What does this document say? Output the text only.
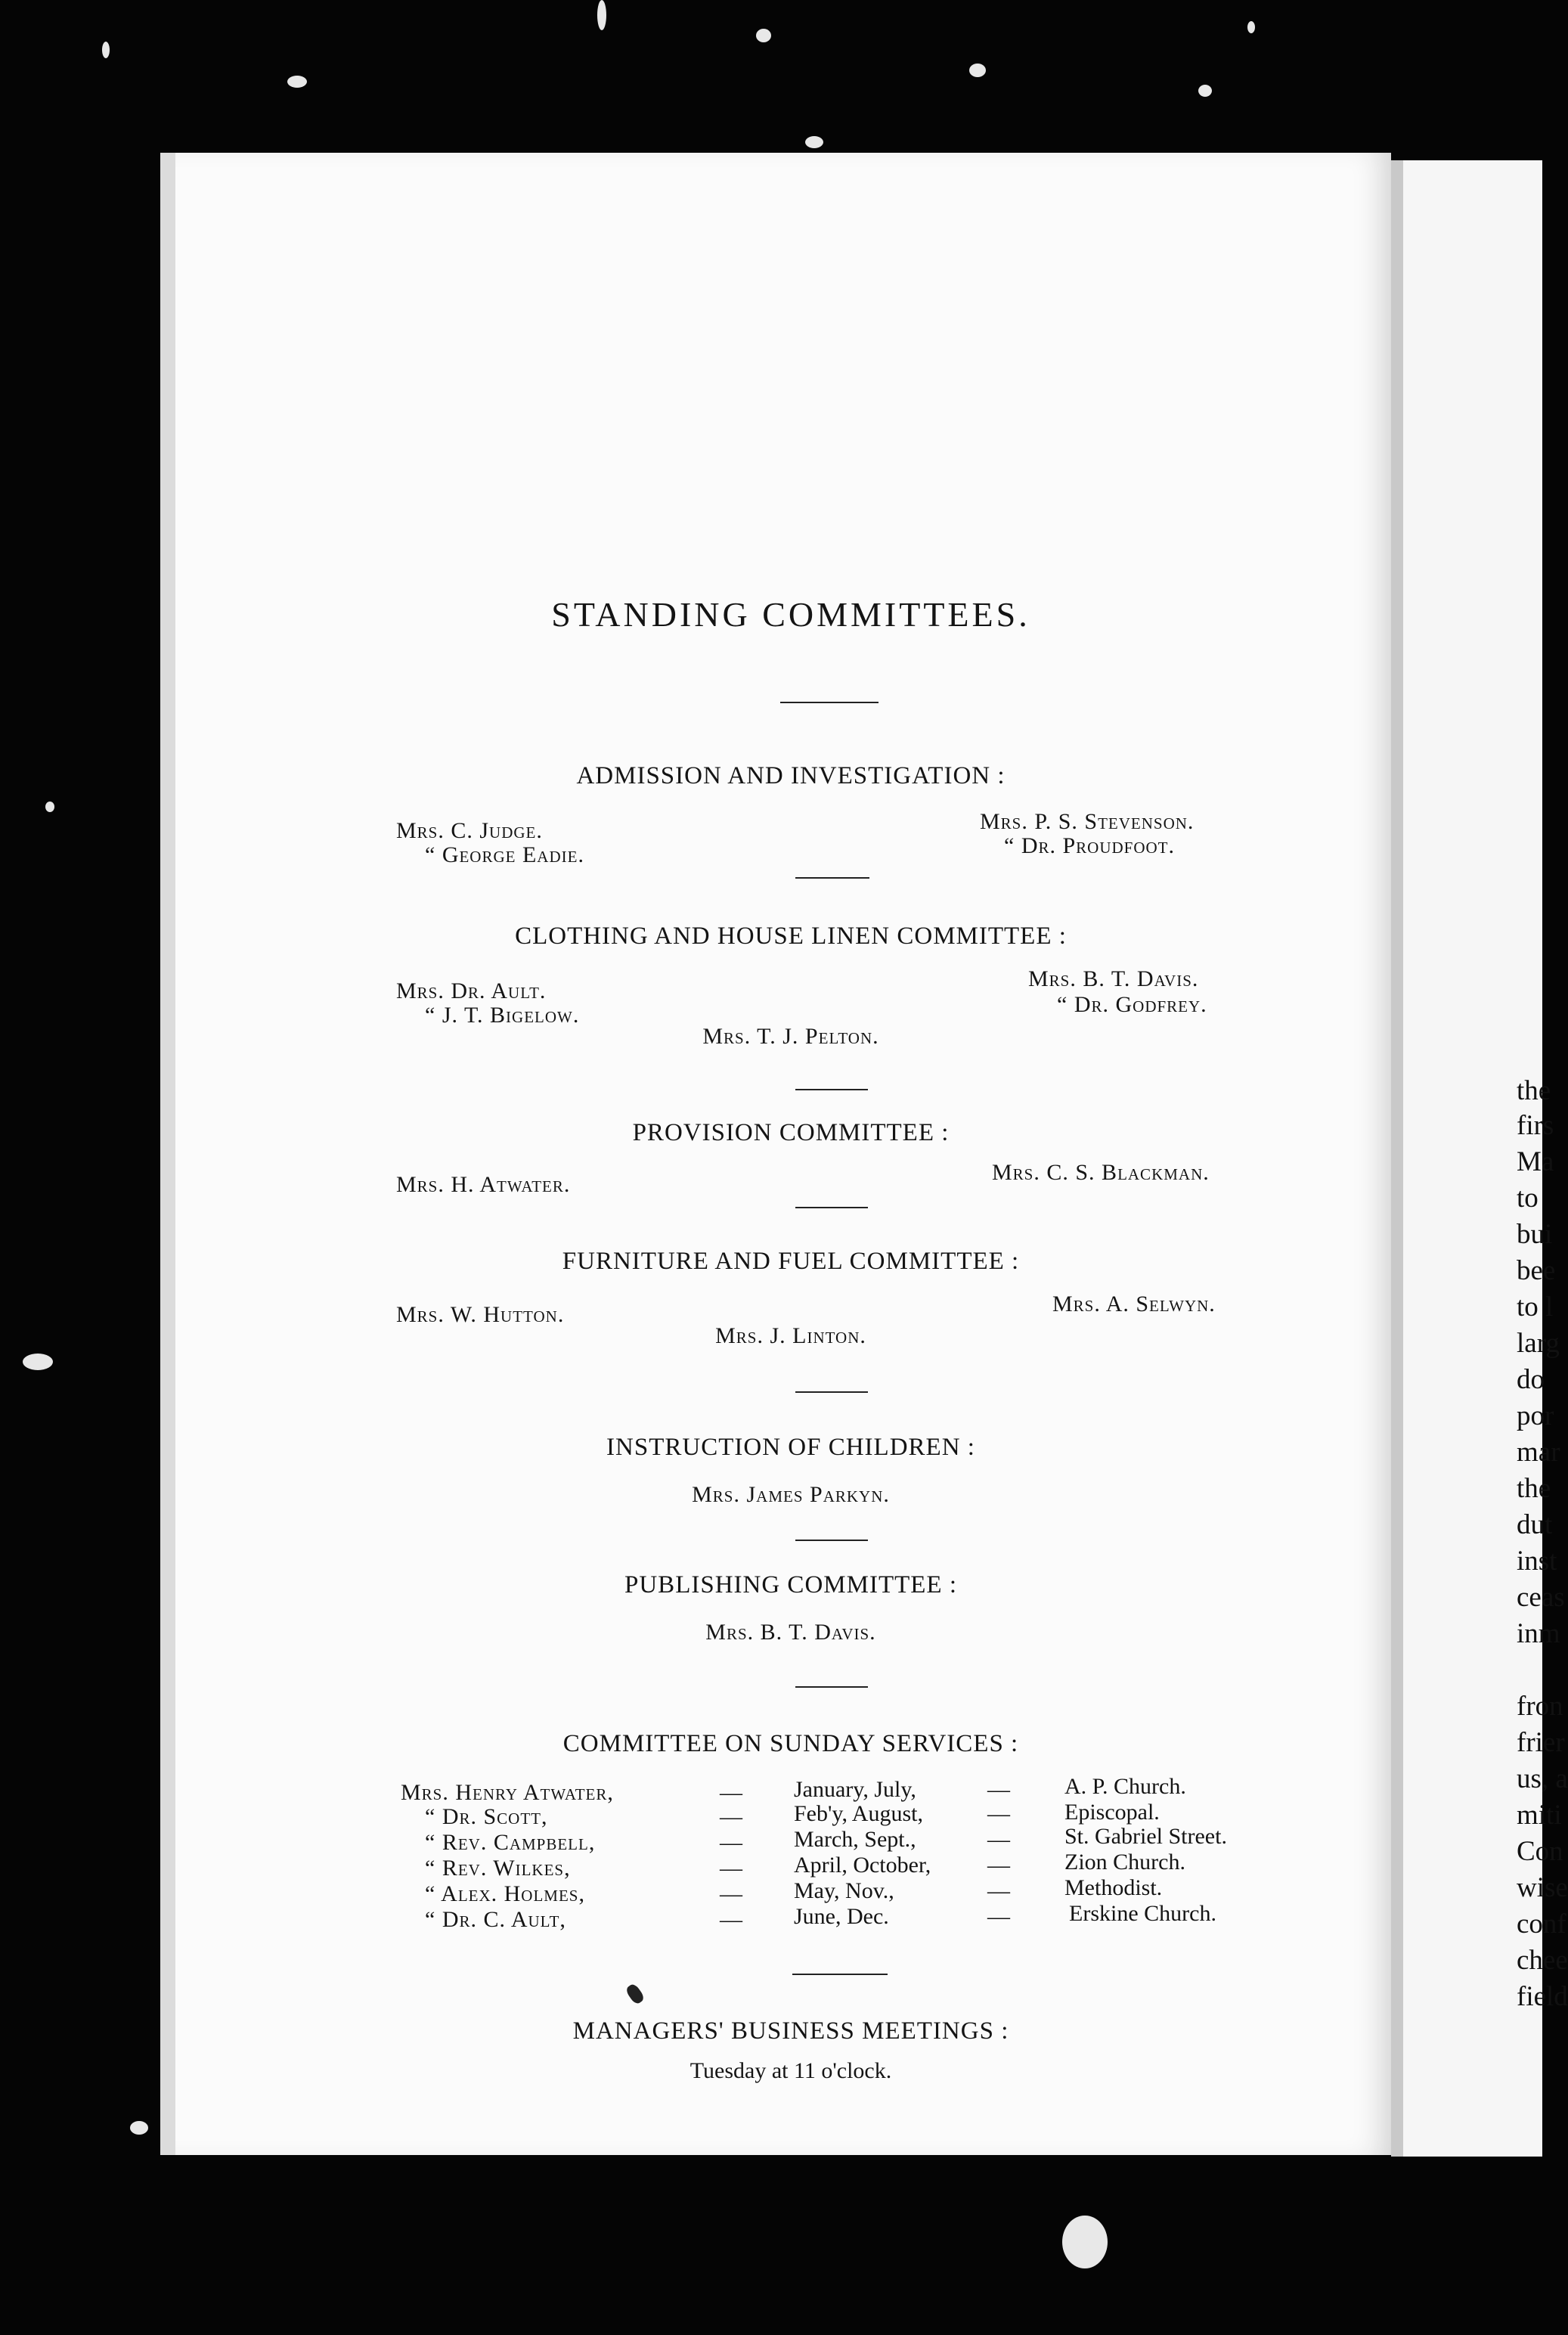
STANDING COMMITTEES.
ADMISSION AND INVESTIGATION :
Mrs. C. Judge.
“ George Eadie.
Mrs. P. S. Stevenson.
“ Dr. Proudfoot.
CLOTHING AND HOUSE LINEN COMMITTEE :
Mrs. Dr. Ault.
“ J. T. Bigelow.
Mrs. B. T. Davis.
“ Dr. Godfrey.
Mrs. T. J. Pelton.
PROVISION COMMITTEE :
Mrs. H. Atwater.	Mrs. C. S. Blackman.
FURNITURE AND FUEL COMMITTEE :
Mrs. W. Hutton.	Mrs. A. Selwyn.
Mrs. J. Linton.
INSTRUCTION OF CHILDREN :
Mrs. James Parkyn.
PUBLISHING COMMITTEE :
Mrs. B. T. Davis.
COMMITTEE ON SUNDAY SERVICES :
Mrs. Henry Atwater,	— January, July,	— A. P. Church.
“ Dr. Scott,	— Feb'y, August,	— Episcopal.
“ Rev. Campbell,	— March, Sept.,	— St. Gabriel Street.
“ Rev. Wilkes,	— April, October, — Zion Church.
“ Alex. Holmes,	— May, Nov.,	— Methodist.
“ Dr. C. Ault,	— June, Dec.	—	Erskine Church.
MANAGERS' BUSINESS MEETINGS :
Tuesday at 11 o'clock.
the
firs
Ma
to
bui
bee
to l
larg
do
por
mar
the
dut
inst
ceas
inm
fron
frier
us, a
miti
Con
wise
conf
chee
field
